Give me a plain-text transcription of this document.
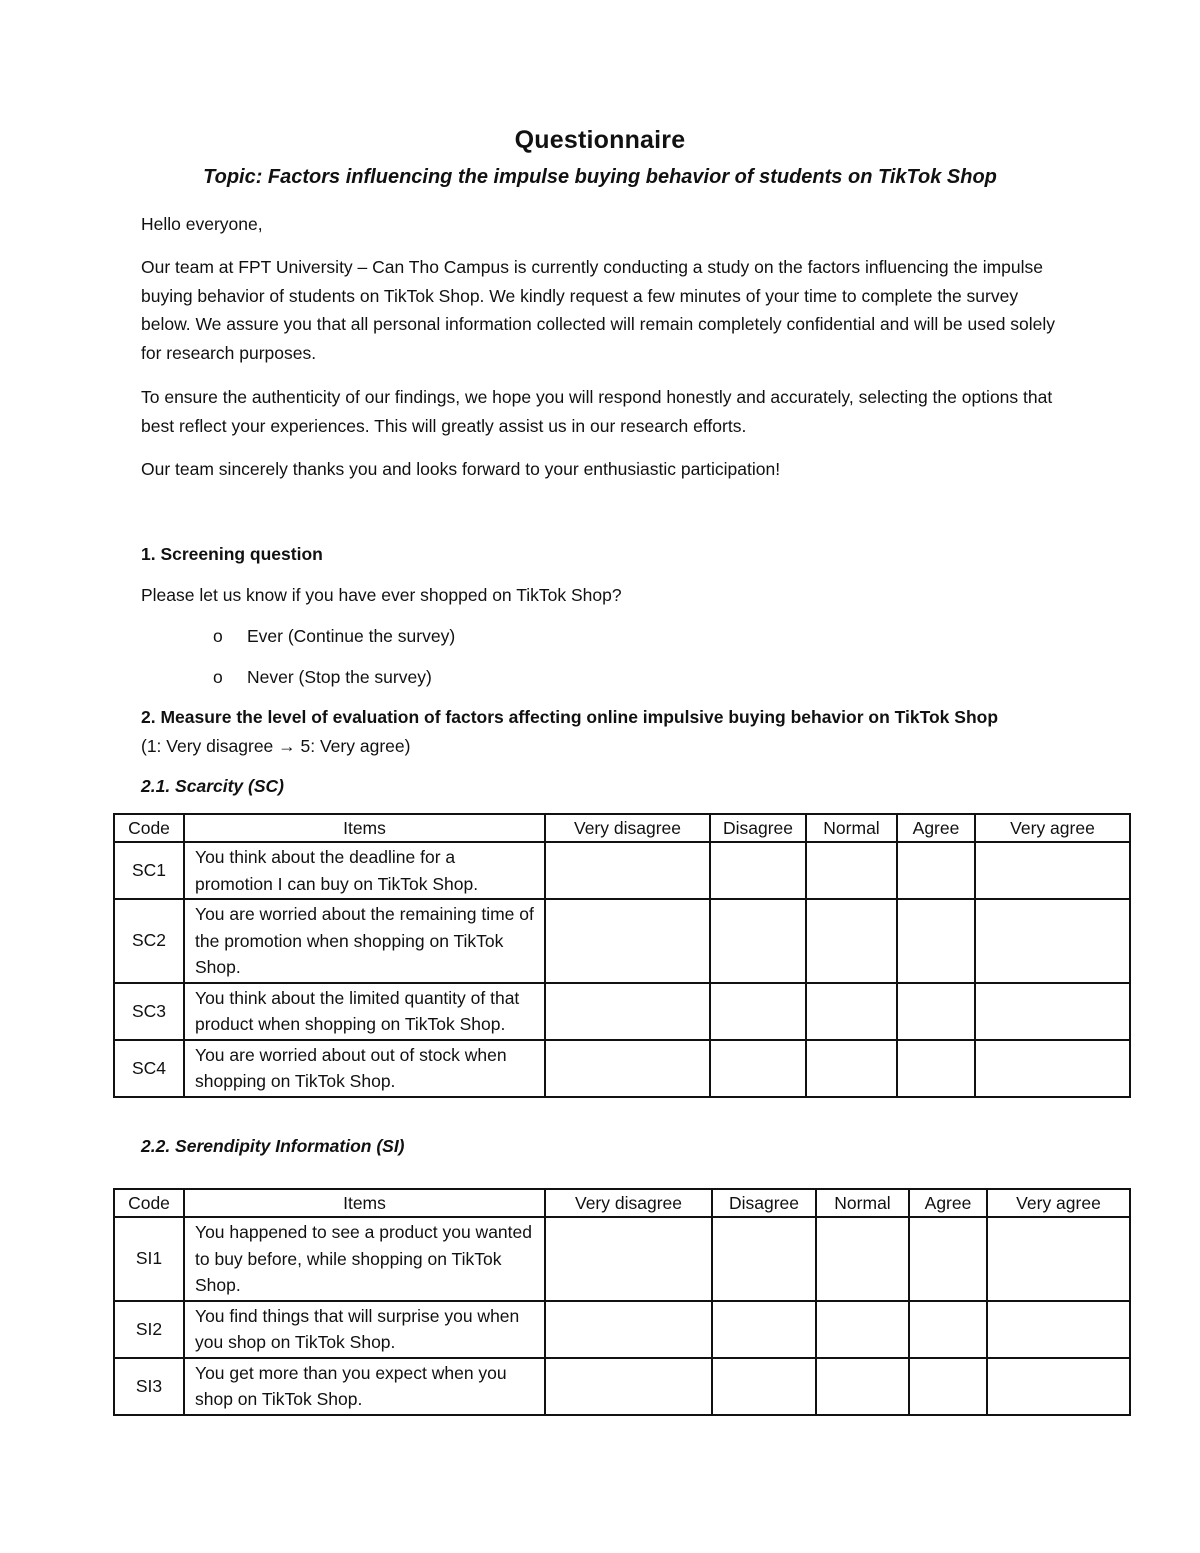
Questionnaire
Topic: Factors influencing the impulse buying behavior of students on TikTok Shop
Hello everyone,
Our team at FPT University – Can Tho Campus is currently conducting a study on the factors influencing the impulse buying behavior of students on TikTok Shop. We kindly request a few minutes of your time to complete the survey below. We assure you that all personal information collected will remain completely confidential and will be used solely for research purposes.
To ensure the authenticity of our findings, we hope you will respond honestly and accurately, selecting the options that best reflect your experiences. This will greatly assist us in our research efforts.
Our team sincerely thanks you and looks forward to your enthusiastic participation!
1. Screening question
Please let us know if you have ever shopped on TikTok Shop?
o Ever (Continue the survey)
o Never (Stop the survey)
2. Measure the level of evaluation of factors affecting online impulsive buying behavior on TikTok Shop
(1: Very disagree → 5: Very agree)
2.1. Scarcity (SC)
Code	Items	Very disagree	Disagree	Normal	Agree	Very agree
SC1	You think about the deadline for a promotion I can buy on TikTok Shop.					
SC2	You are worried about the remaining time of the promotion when shopping on TikTok Shop.					
SC3	You think about the limited quantity of that product when shopping on TikTok Shop.					
SC4	You are worried about out of stock when shopping on TikTok Shop.					
2.2. Serendipity Information (SI)
Code	Items	Very disagree	Disagree	Normal	Agree	Very agree
SI1	You happened to see a product you wanted to buy before, while shopping on TikTok Shop.					
SI2	You find things that will surprise you when you shop on TikTok Shop.					
SI3	You get more than you expect when you shop on TikTok Shop.					
